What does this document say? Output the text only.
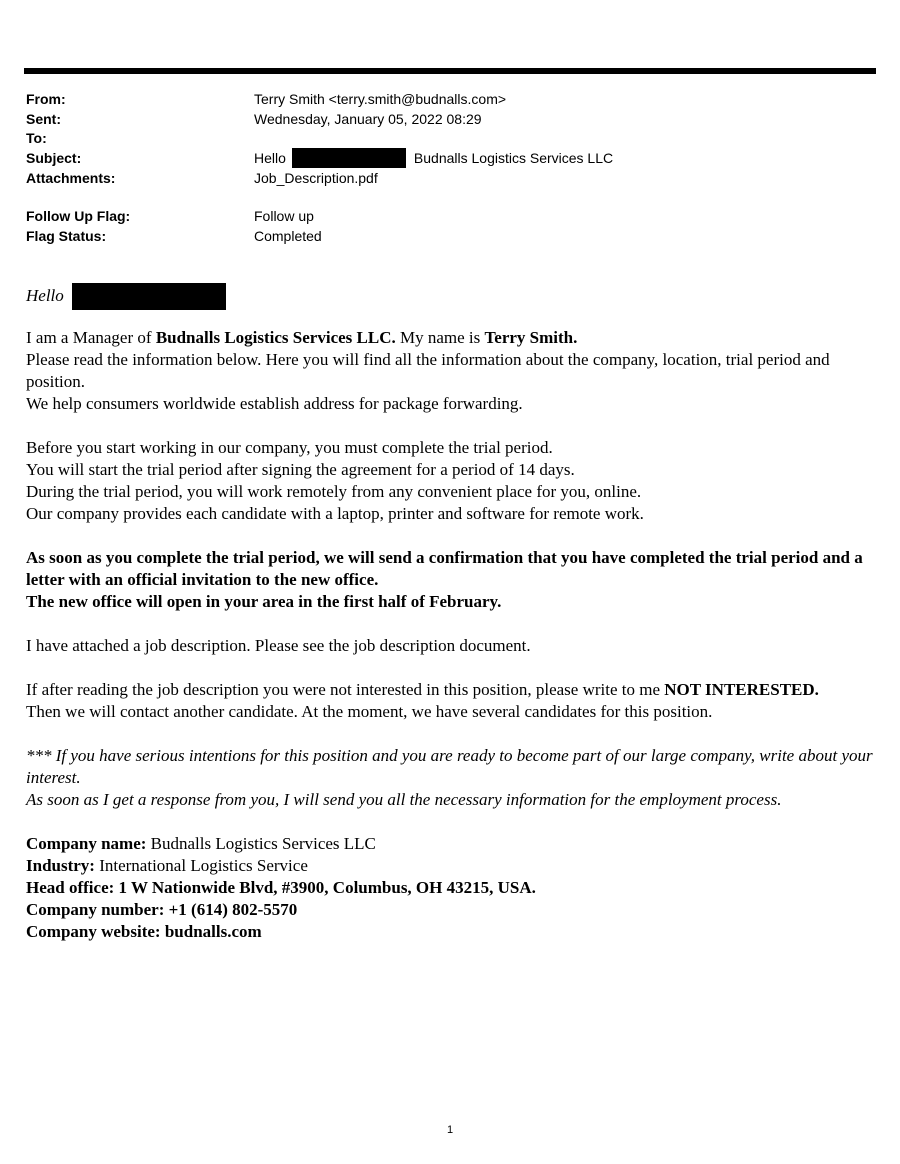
From:	Terry Smith <terry.smith@budnalls.com>
Sent:	Wednesday, January 05, 2022 08:29
To:
Subject:	Hello	Budnalls Logistics Services LLC
Attachments:	Job_Description.pdf
Follow Up Flag:	Follow up
Flag Status:	Completed

Hello

I am a Manager of Budnalls Logistics Services LLC. My name is Terry Smith.
Please read the information below. Here you will find all the information about the company, location, trial period and position.
We help consumers worldwide establish address for package forwarding.

Before you start working in our company, you must complete the trial period.
You will start the trial period after signing the agreement for a period of 14 days.
During the trial period, you will work remotely from any convenient place for you, online.
Our company provides each candidate with a laptop, printer and software for remote work.

As soon as you complete the trial period, we will send a confirmation that you have completed the trial period and a letter with an official invitation to the new office.
The new office will open in your area in the first half of February.

I have attached a job description. Please see the job description document.

If after reading the job description you were not interested in this position, please write to me NOT INTERESTED.
Then we will contact another candidate. At the moment, we have several candidates for this position.

*** If you have serious intentions for this position and you are ready to become part of our large company, write about your interest.
As soon as I get a response from you, I will send you all the necessary information for the employment process.

Company name: Budnalls Logistics Services LLC
Industry: International Logistics Service
Head office: 1 W Nationwide Blvd, #3900, Columbus, OH 43215, USA.
Company number: +1 (614) 802-5570
Company website: budnalls.com

1
